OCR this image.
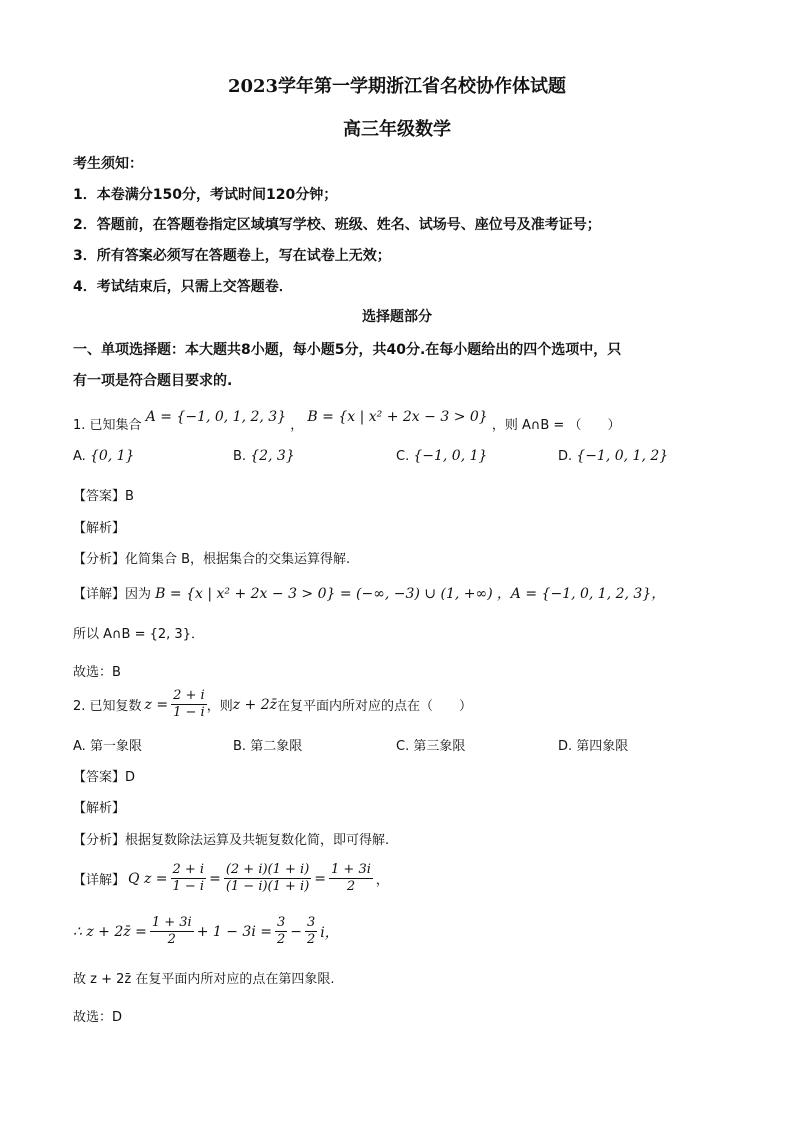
2023学年第一学期浙江省名校协作体试题
高三年级数学
考生须知：
1．本卷满分150分，考试时间120分钟；
2．答题前，在答题卷指定区域填写学校、班级、姓名、试场号、座位号及准考证号；
3．所有答案必须写在答题卷上，写在试卷上无效；
4．考试结束后，只需上交答题卷．
选择题部分
一、单项选择题：本大题共8小题，每小题5分，共40分.在每小题给出的四个选项中，只
有一项是符合题目要求的.
1. 已知集合 A = {−1, 0, 1, 2, 3} ， B = {x | x² + 2x − 3 > 0} ，则 A∩B = （　　）
A. {0, 1}	B. {2, 3}	C. {−1, 0, 1}	D. {−1, 0, 1, 2}
【答案】B
【解析】
【分析】化简集合 B，根据集合的交集运算得解.
【详解】因为 B = {x | x² + 2x − 3 > 0} = (−∞, −3) ∪ (1, +∞) ，A = {−1, 0, 1, 2, 3}，
所以 A∩B = {2, 3}．
故选：B
2. 已知复数 $z = \frac{2 + i}{1 - i}$ ，则 z + 2z̄ 在复平面内所对应的点在（　　）
A. 第一象限	B. 第二象限	C. 第三象限	D. 第四象限
【答案】D
【解析】
【分析】根据复数除法运算及共轭复数化简，即可得解.
【详解】 Q $z = \frac{2 + i}{1 - i} = \frac{(2 + i)(1 + i)}{(1 - i)(1 + i)} = \frac{1 + 3i}{2}$ ，
∴ z + 2z̄ = $\frac{1 + 3i}{2} + 1 - 3i = \frac{3}{2} - \frac{3}{2}$ i，
故 z + 2z̄ 在复平面内所对应的点在第四象限.
故选：D
